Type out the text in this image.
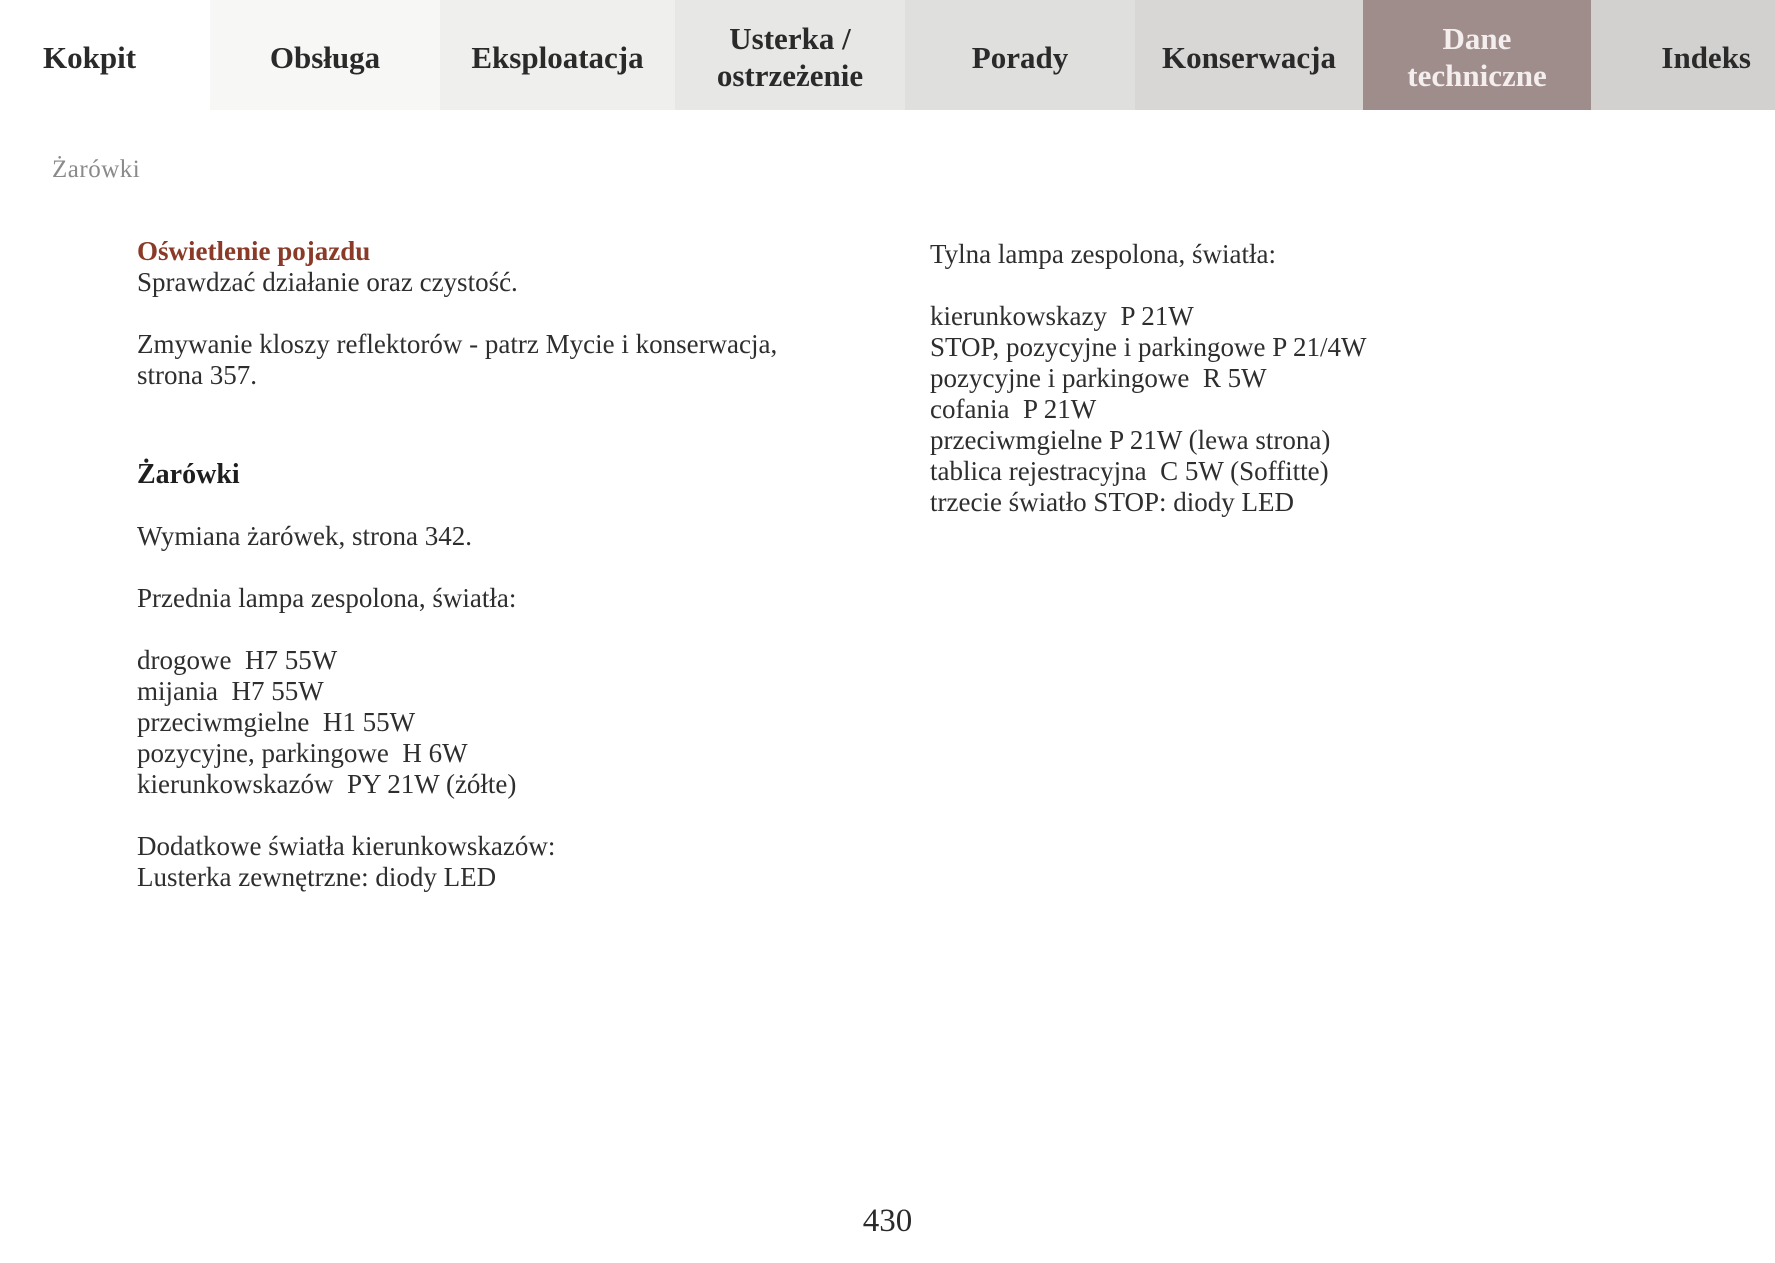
Kokpit	Obsługa	Eksploatacja
Usterka /
ostrzeżenie
Porady	Konserwacja
Dane
techniczne
Indeks
Żarówki

Oświetlenie pojazdu

Sprawdzać działanie oraz czystość.

Zmywanie kloszy reflektorów - patrz Mycie i konserwacja,

strona 357.

Żarówki

Wymiana żarówek, strona 342.

Przednia lampa zespolona, światła:

drogowe  H7 55W
mijania  H7 55W
przeciwmgielne  H1 55W
pozycyjne, parkingowe  H 6W
kierunkowskazów  PY 21W (żółte)

Dodatkowe światła kierunkowskazów:

Lusterka zewnętrzne: diody LED

Tylna lampa zespolona, światła:

kierunkowskazy  P 21W
STOP, pozycyjne i parkingowe P 21/4W
pozycyjne i parkingowe  R 5W
cofania  P 21W
przeciwmgielne P 21W (lewa strona)
tablica rejestracyjna  C 5W (Soffitte)
trzecie światło STOP: diody LED
430
